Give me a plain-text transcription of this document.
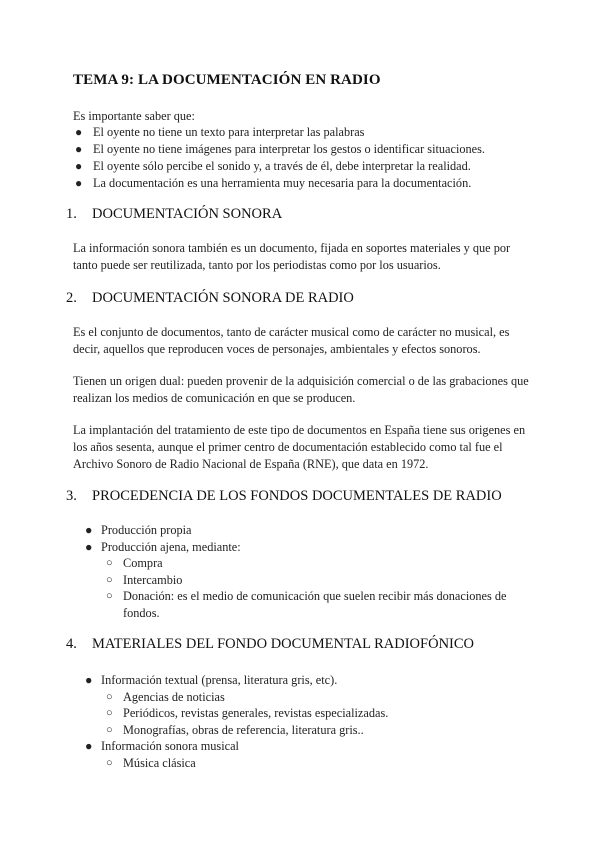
TEMA 9: LA DOCUMENTACIÓN EN RADIO

Es importante saber que:

● El oyente no tiene un texto para interpretar las palabras
● El oyente no tiene imágenes para interpretar los gestos o identificar situaciones.
● El oyente sólo percibe el sonido y, a través de él, debe interpretar la realidad.
● La documentación es una herramienta muy necesaria para la documentación.
1. DOCUMENTACIÓN SONORA

La información sonora también es un documento, fijada en soportes materiales y que por tanto puede ser reutilizada, tanto por los periodistas como por los usuarios.

2. DOCUMENTACIÓN SONORA DE RADIO

Es el conjunto de documentos, tanto de carácter musical como de carácter no musical, es decir, aquellos que reproducen voces de personajes, ambientales y efectos sonoros.

Tienen un origen dual: pueden provenir de la adquisición comercial o de las grabaciones que realizan los medios de comunicación en que se producen.

La implantación del tratamiento de este tipo de documentos en España tiene sus origenes en los años sesenta, aunque el primer centro de documentación establecido como tal fue el Archivo Sonoro de Radio Nacional de España (RNE), que data en 1972.

3. PROCEDENCIA DE LOS FONDOS DOCUMENTALES DE RADIO
● Producción propia
● Producción ajena, mediante:
○ Compra
○ Intercambio
○ Donación: es el medio de comunicación que suelen recibir más donaciones de fondos.
4. MATERIALES DEL FONDO DOCUMENTAL RADIOFÓNICO
● Información textual (prensa, literatura gris, etc).
○ Agencias de noticias
○ Periódicos, revistas generales, revistas especializadas.
○ Monografías, obras de referencia, literatura gris..
● Información sonora musical
○ Música clásica
